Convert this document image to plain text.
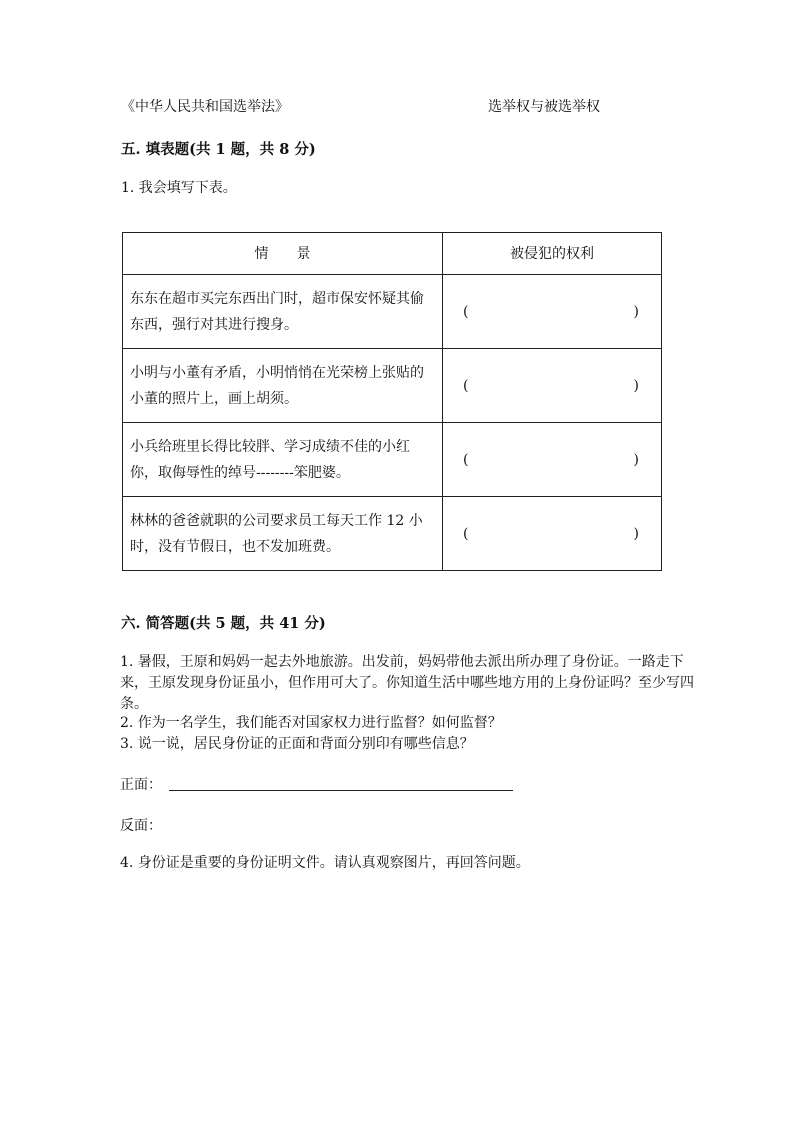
《中华人民共和国选举法》	选举权与被选举权
五. 填表题(共 1 题，共 8 分)
1. 我会填写下表。
情　　景	被侵犯的权利
东东在超市买完东西出门时，超市保安怀疑其偷东西，强行对其进行搜身。	( )

小明与小董有矛盾，小明悄悄在光荣榜上张贴的小董的照片上，画上胡须。	( )

小兵给班里长得比较胖、学习成绩不佳的小红你，取侮辱性的绰号--------笨肥婆。	( )

林林的爸爸就职的公司要求员工每天工作 12 小时，没有节假日，也不发加班费。	( )
六. 简答题(共 5 题，共 41 分)
1. 暑假，王原和妈妈一起去外地旅游。出发前，妈妈带他去派出所办理了身份证。一路走下来，王原发现身份证虽小，但作用可大了。你知道生活中哪些地方用的上身份证吗？至少写四条。
2. 作为一名学生，我们能否对国家权力进行监督？如何监督？
3. 说一说，居民身份证的正面和背面分别印有哪些信息？
正面：
反面：
4. 身份证是重要的身份证明文件。请认真观察图片，再回答问题。
